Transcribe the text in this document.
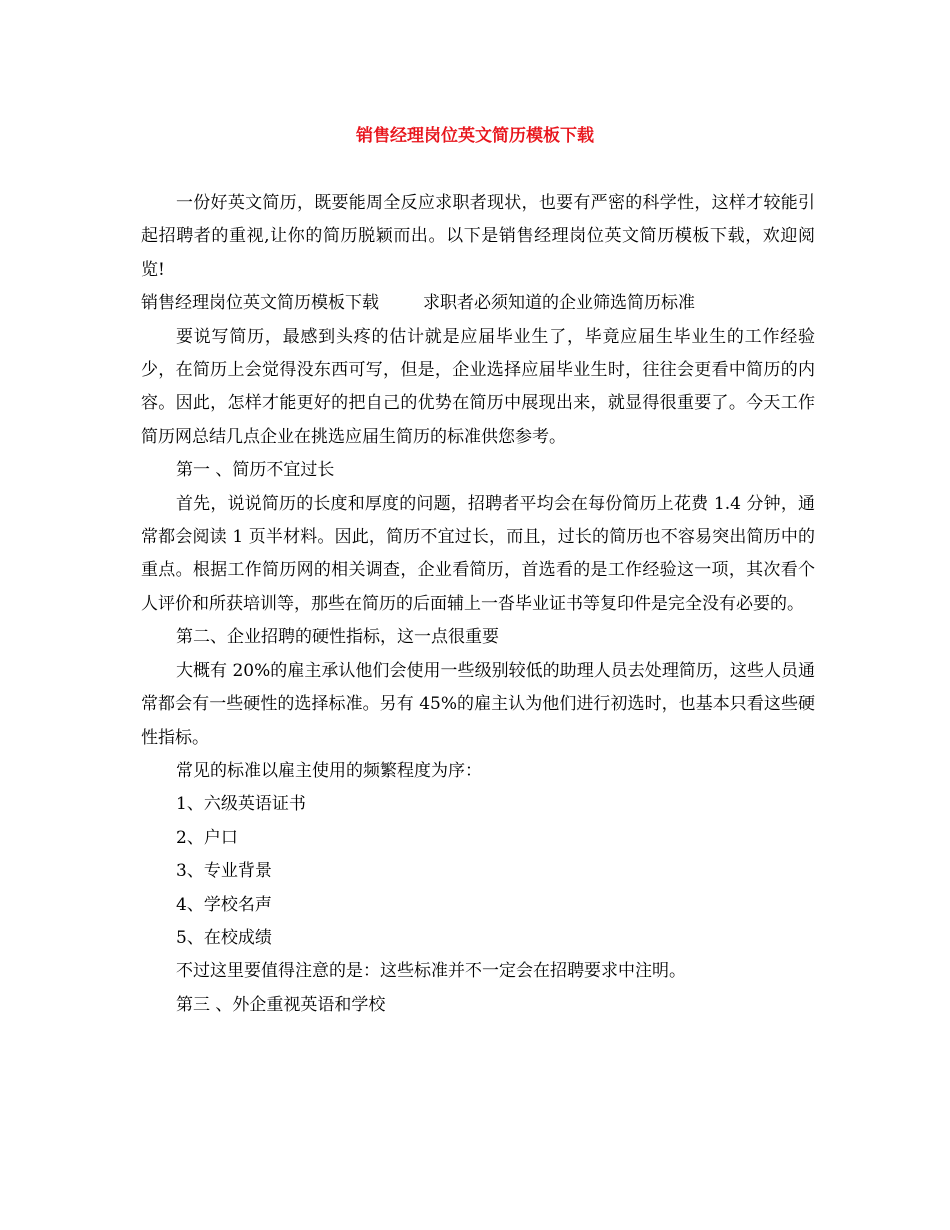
销售经理岗位英文简历模板下载

一份好英文简历，既要能周全反应求职者现状，也要有严密的科学性，这样才较能引起招聘者的重视,让你的简历脱颖而出。以下是销售经理岗位英文简历模板下载，欢迎阅览!

销售经理岗位英文简历模板下载	求职者必须知道的企业筛选简历标准

要说写简历，最感到头疼的估计就是应届毕业生了，毕竟应届生毕业生的工作经验少，在简历上会觉得没东西可写，但是，企业选择应届毕业生时，往往会更看中简历的内容。因此，怎样才能更好的把自己的优势在简历中展现出来，就显得很重要了。今天工作简历网总结几点企业在挑选应届生简历的标准供您参考。

第一 、简历不宜过长

首先，说说简历的长度和厚度的问题，招聘者平均会在每份简历上花费 1.4 分钟，通常都会阅读 1 页半材料。因此，简历不宜过长，而且，过长的简历也不容易突出简历中的重点。根据工作简历网的相关调查，企业看简历，首选看的是工作经验这一项，其次看个人评价和所获培训等，那些在简历的后面辅上一沓毕业证书等复印件是完全没有必要的。

第二、企业招聘的硬性指标，这一点很重要

大概有 20%的雇主承认他们会使用一些级别较低的助理人员去处理简历，这些人员通常都会有一些硬性的选择标准。另有 45%的雇主认为他们进行初选时，也基本只看这些硬性指标。

常见的标准以雇主使用的频繁程度为序：

1、六级英语证书

2、户口

3、专业背景

4、学校名声

5、在校成绩

不过这里要值得注意的是：这些标准并不一定会在招聘要求中注明。

第三 、外企重视英语和学校
